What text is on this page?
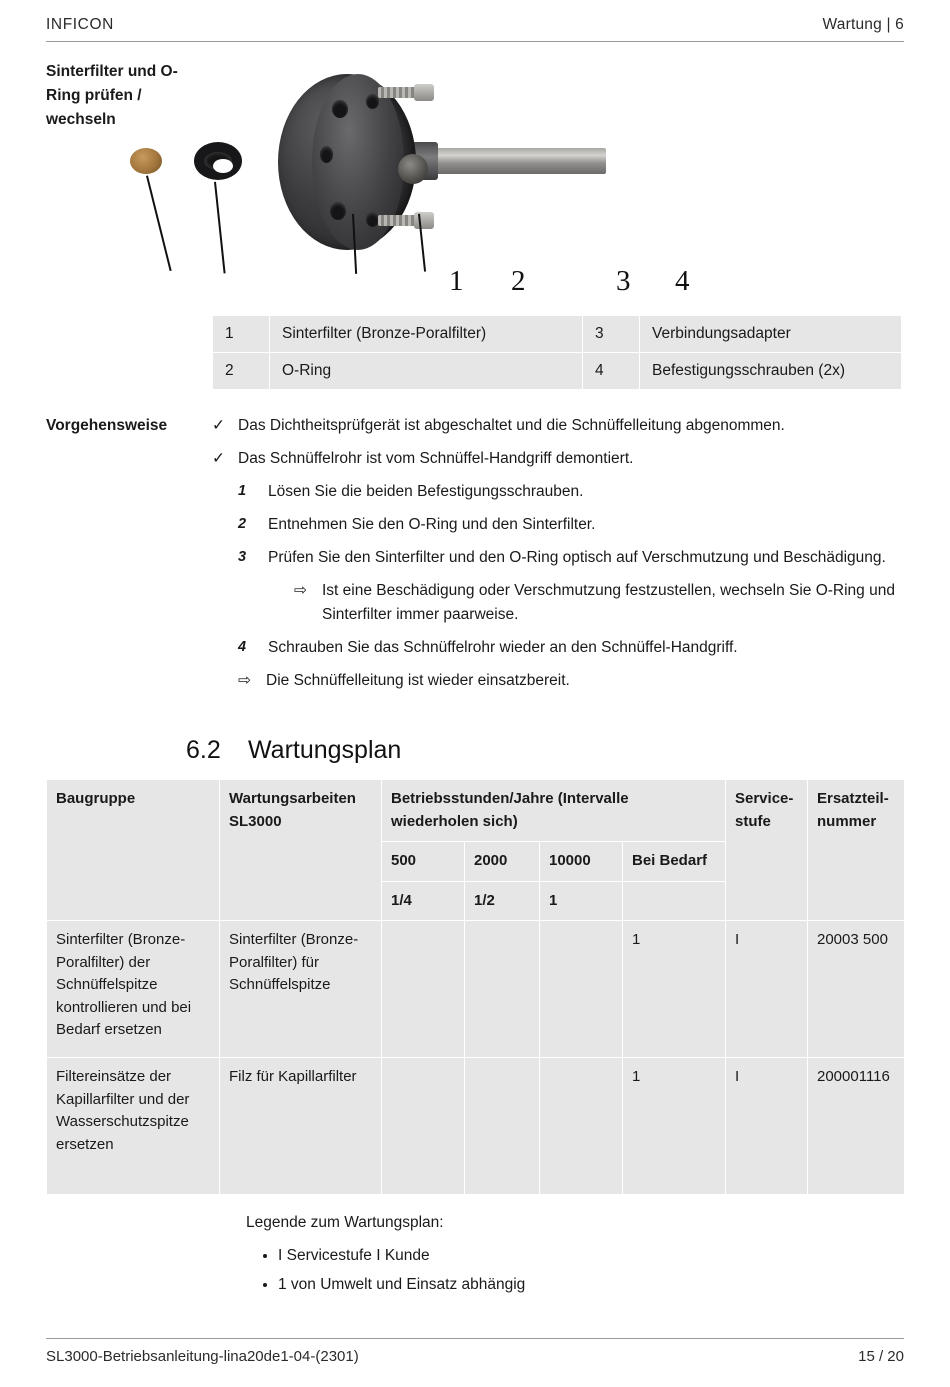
INFICON	Wartung | 6
Sinterfilter und O-Ring prüfen / wechseln
1 2	3 4
1	Sinterfilter (Bronze-Poralfilter)	3	Verbindungsadapter
2	O-Ring	4	Befestigungsschrauben (2x)
Vorgehensweise	✓ Das Dichtheitsprüfgerät ist abgeschaltet und die Schnüffelleitung abgenommen.
✓ Das Schnüffelrohr ist vom Schnüffel-Handgriff demontiert.
1	Lösen Sie die beiden Befestigungsschrauben.
2	Entnehmen Sie den O-Ring und den Sinterfilter.
3	Prüfen Sie den Sinterfilter und den O-Ring optisch auf Verschmutzung und Beschädigung.
⇨ Ist eine Beschädigung oder Verschmutzung festzustellen, wechseln Sie O-Ring und Sinterfilter immer paarweise.
4	Schrauben Sie das Schnüffelrohr wieder an den Schnüffel-Handgriff.
⇨ Die Schnüffelleitung ist wieder einsatzbereit.
6.2	Wartungsplan
Baugruppe	Wartungsarbeiten SL3000	Betriebsstunden/Jahre (Intervalle wiederholen sich)				Service-stufe	Ersatzteil-nummer
		500	2000	10000	Bei Bedarf		
		1/4	1/2	1			
Sinterfilter (Bronze-Poralfilter) der Schnüffelspitze kontrollieren und bei Bedarf ersetzen	Sinterfilter (Bronze-Poralfilter) für Schnüffelspitze				1	I	20003 500
Filtereinsätze der Kapillarfilter und der Wasserschutzspitze ersetzen	Filz für Kapillarfilter				1	I	200001116
Legende zum Wartungsplan:
• I Servicestufe I Kunde
• 1 von Umwelt und Einsatz abhängig
SL3000-Betriebsanleitung-lina20de1-04-(2301)	15 / 20
